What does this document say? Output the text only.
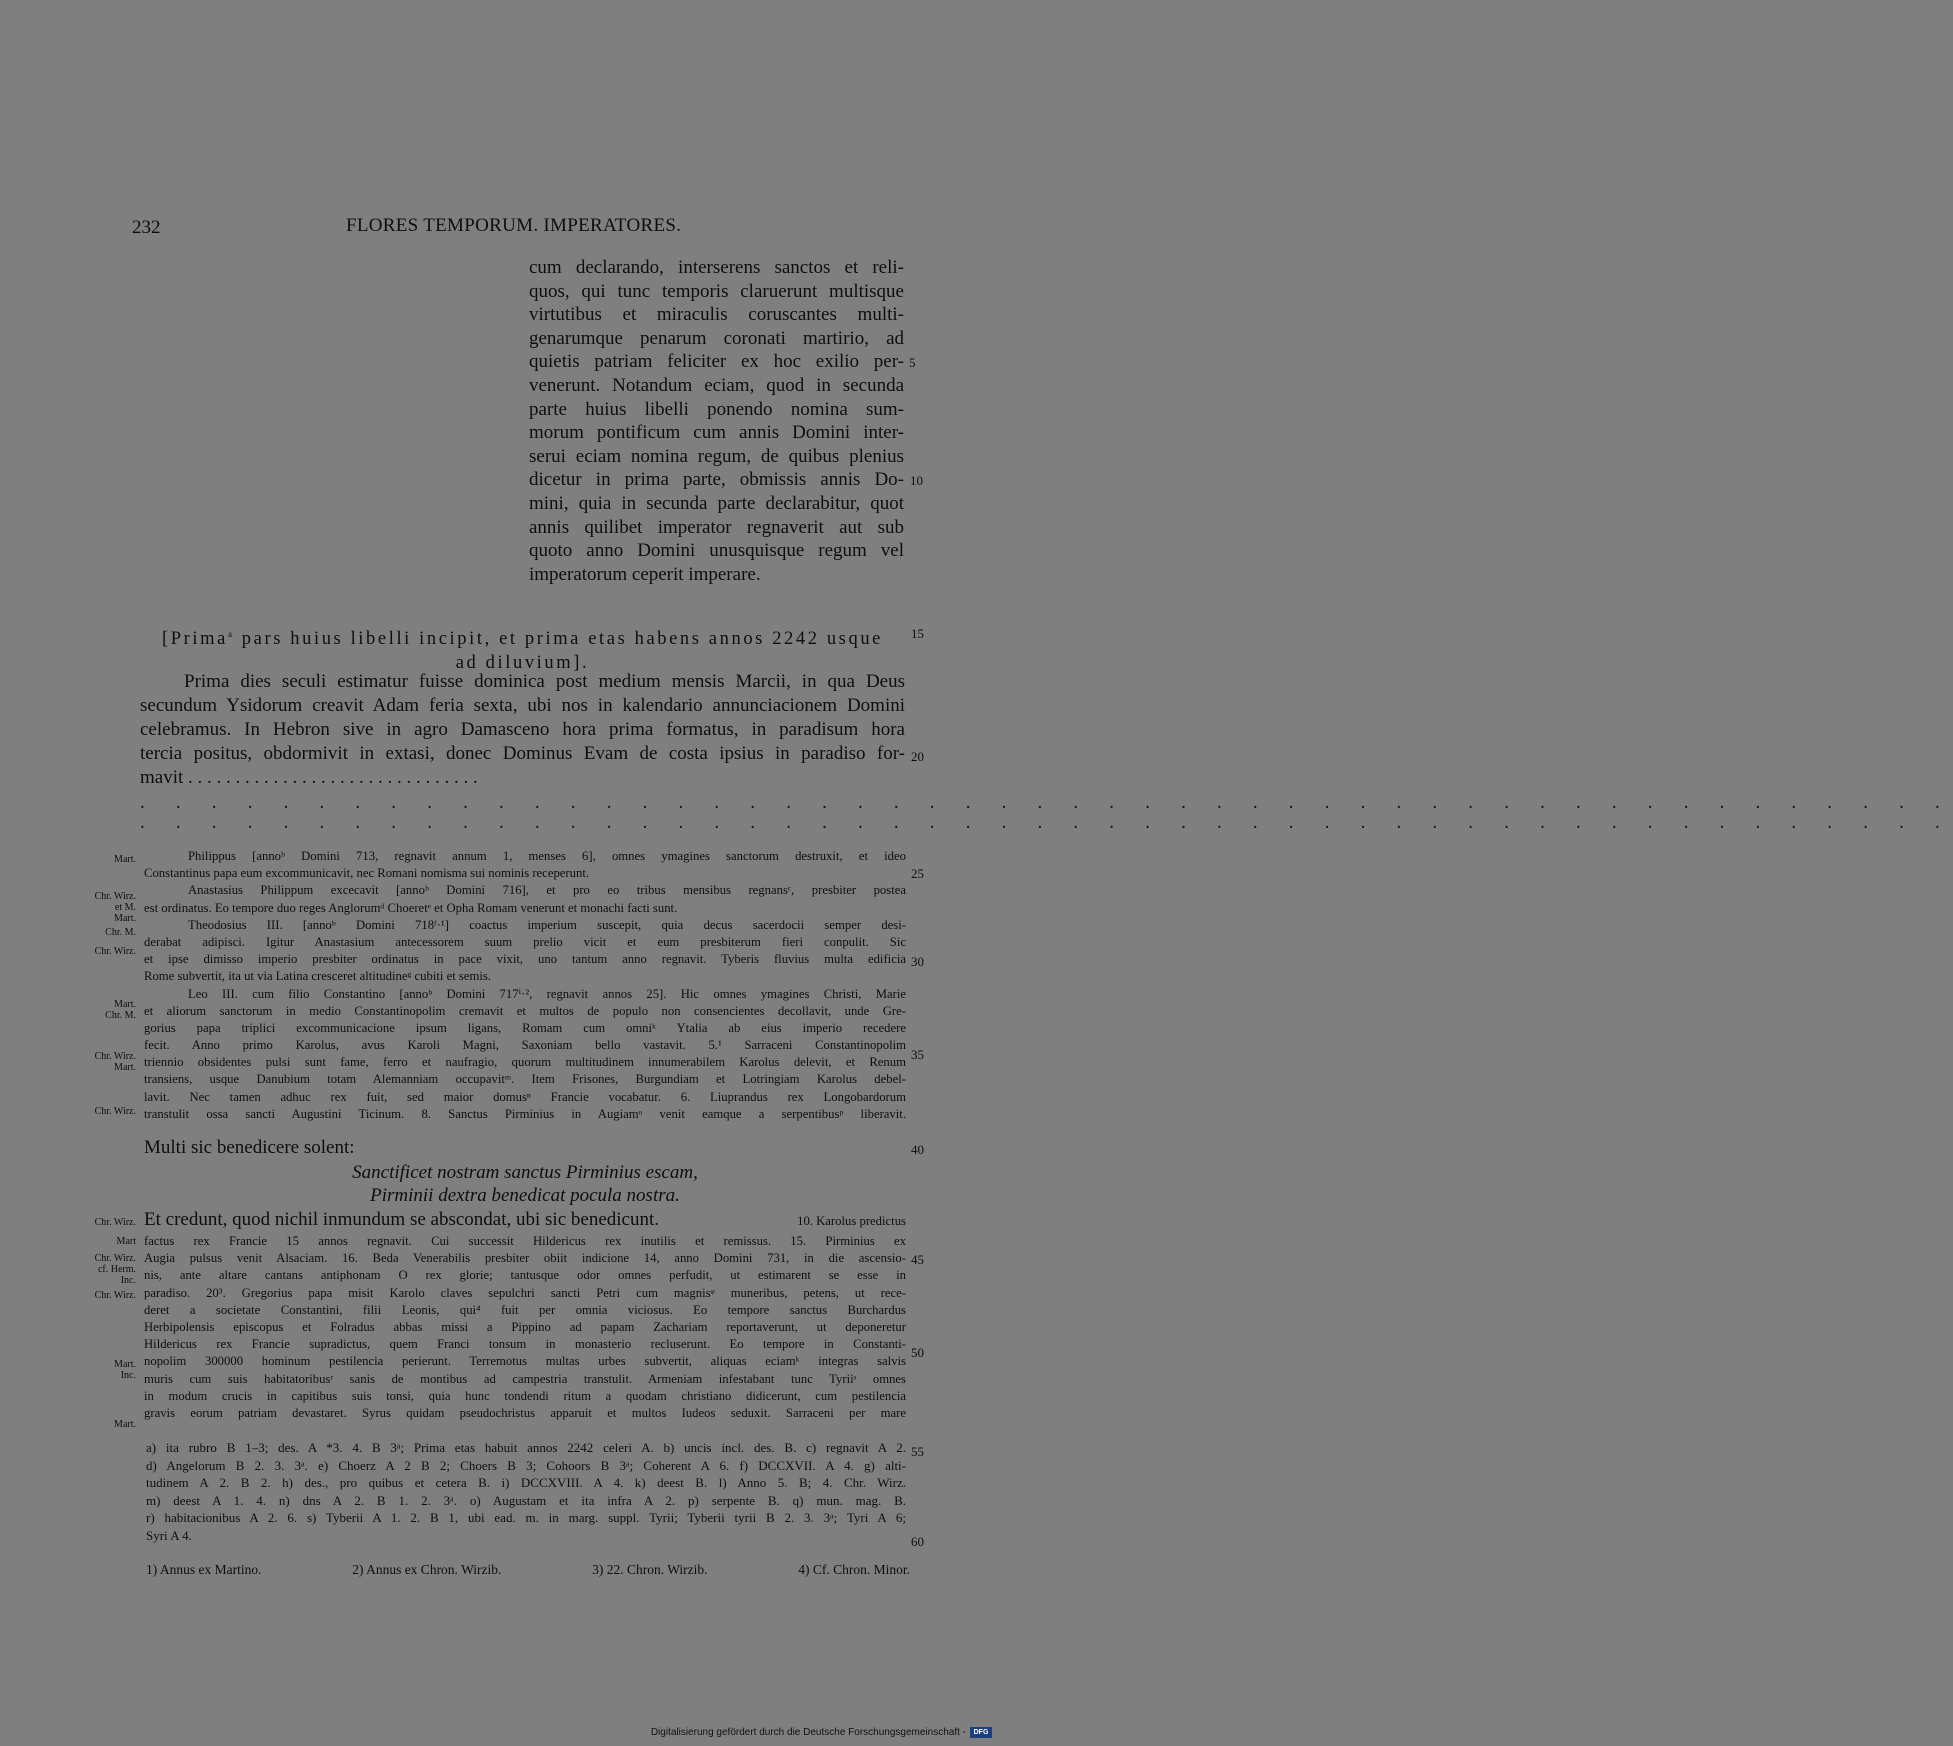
232	FLORES TEMPORUM. IMPERATORES.
cum declarando, interserens sanctos et reli-
quos, qui tunc temporis claruerunt multisque
virtutibus et miraculis coruscantes multi-
genarumque penarum coronati martirio, ad
quietis patriam feliciter ex hoc exilio per-
venerunt. Notandum eciam, quod in secunda
parte huius libelli ponendo nomina sum-
morum pontificum cum annis Domini inter-
serui eciam nomina regum, de quibus plenius
dicetur in prima parte, obmissis annis Do-
mini, quia in secunda parte declarabitur, quot
annis quilibet imperator regnaverit aut sub
quoto anno Domini unusquisque regum vel
imperatorum ceperit imperare.
5
10
15
20
25
30
35
40
45
50
55
60
[Prima$^a$ pars huius libelli incipit, et prima etas habens annos 2242 usque
ad diluvium].
Prima dies seculi estimatur fuisse dominica post medium mensis Marcii, in qua Deus
secundum Ysidorum creavit Adam feria sexta, ubi nos in kalendario annunciacionem Domini
celebramus. In Hebron sive in agro Damasceno hora prima formatus, in paradisum hora
tercia positus, obdormivit in extasi, donec Dominus Evam de costa ipsius in paradiso for-
mavit . . . . . . . . . . . . . . . . . . . . . . . . . . . . . . .
. . . . . . . . . . . . . . . . . . . . . . . . . . . . . . . . . . . . . . . . . . . . . . . . . . .
. . . . . . . . . . . . . . . . . . . . . . . . . . . . . . . . . . . . . . . . . . . . . . . . . . .
Mart.
Chr. Wirz.
et M.
Mart.
Chr. M.
Chr. Wirz.
Mart.
Chr. M.
Chr. Wirz.
Mart.
Chr. Wirz.
Chr. Wirz.
Mart
Chr. Wirz.
cf. Herm.
Inc.
Chr. Wirz.
Mart.
Inc.
Mart.
Philippus [annoᵇ Domini 713, regnavit annum 1, menses 6], omnes ymagines sanctorum destruxit, et ideo
Constantinus papa eum excommunicavit, nec Romani nomisma sui nominis receperunt.
Anastasius Philippum excecavit [annoᵇ Domini 716], et pro eo tribus mensibus regnansᶜ, presbiter postea
est ordinatus. Eo tempore duo reges Anglorumᵈ Choeretᵉ et Opha Romam venerunt et monachi facti sunt.
Theodosius III. [annoᵇ Domini 718ᶠ·¹] coactus imperium suscepit, quia decus sacerdocii semper desi-
derabat adipisci. Igitur Anastasium antecessorem suum prelio vicit et eum presbiterum fieri conpulit. Sic
et ipse dimisso imperio presbiter ordinatus in pace vixit, uno tantum anno regnavit. Tyberis fluvius multa edificia
Rome subvertit, ita ut via Latina cresceret altitudineᵍ cubiti et semis.
Leo III. cum filio Constantino [annoᵇ Domini 717ⁱ·², regnavit annos 25]. Hic omnes ymagines Christi, Marie
et aliorum sanctorum in medio Constantinopolim cremavit et multos de populo non consencientes decollavit, unde Gre-
gorius papa triplici excommunicacione ipsum ligans, Romam cum omniᵏ Ytalia ab eius imperio recedere
fecit. Anno primo Karolus, avus Karoli Magni, Saxoniam bello vastavit. 5.¹ Sarraceni Constantinopolim
triennio obsidentes pulsi sunt fame, ferro et naufragio, quorum multitudinem innumerabilem Karolus delevit, et Renum
transiens, usque Danubium totam Alemanniam occupavitᵐ. Item Frisones, Burgundiam et Lotringiam Karolus debel-
lavit. Nec tamen adhuc rex fuit, sed maior domusⁿ Francie vocabatur. 6. Liuprandus rex Longobardorum
transtulit ossa sancti Augustini Ticinum. 8. Sanctus Pirminius in Augiamᵒ venit eamque a serpentibusᵖ liberavit.
Multi sic benedicere solent:
Sanctificet nostram sanctus Pirminius escam,
Pirminii dextra benedicat pocula nostra.
Et credunt, quod nichil inmundum se abscondat, ubi sic benedicunt.	10. Karolus predictus
factus rex Francie 15 annos regnavit. Cui successit Hildericus rex inutilis et remissus. 15. Pirminius ex
Augia pulsus venit Alsaciam. 16. Beda Venerabilis presbiter obiit indicione 14, anno Domini 731, in die ascensio-
nis, ante altare cantans antiphonam O rex glorie; tantusque odor omnes perfudit, ut estimarent se esse in
paradiso. 20³. Gregorius papa misit Karolo claves sepulchri sancti Petri cum magnisᵠ muneribus, petens, ut rece-
deret a societate Constantini, filii Leonis, qui⁴ fuit per omnia viciosus. Eo tempore sanctus Burchardus
Herbipolensis episcopus et Folradus abbas missi a Pippino ad papam Zachariam reportaverunt, ut deponeretur
Hildericus rex Francie supradictus, quem Franci tonsum in monasterio recluserunt. Eo tempore in Constanti-
nopolim 300000 hominum pestilencia perierunt. Terremotus multas urbes subvertit, aliquas eciamᵏ integras salvis
muris cum suis habitatoribusʳ sanis de montibus ad campestria transtulit. Armeniam infestabant tunc Tyriiˢ omnes
in modum crucis in capitibus suis tonsi, quia hunc tondendi ritum a quodam christiano didicerunt, cum pestilencia
gravis eorum patriam devastaret. Syrus quidam pseudochristus apparuit et multos Iudeos seduxit. Sarraceni per mare
a) ita rubro B 1–3; des. A *3. 4. B 3ᵃ; Prima etas habuit annos 2242 celeri A. b) uncis incl. des. B. c) regnavit A 2.
d) Angelorum B 2. 3. 3ᵃ. e) Choerz A 2 B 2; Choers B 3; Cohoors B 3ᵃ; Coherent A 6. f) DCCXVII. A 4. g) alti-
tudinem A 2. B 2. h) des., pro quibus et cetera B. i) DCCXVIII. A 4. k) deest B. l) Anno 5. B; 4. Chr. Wirz.
m) deest A 1. 4. n) dns A 2. B 1. 2. 3ᵃ. o) Augustam et ita infra A 2. p) serpente B. q) mun. mag. B.
r) habitacionibus A 2. 6. s) Tyberii A 1. 2. B 1, ubi ead. m. in marg. suppl. Tyrii; Tyberii tyrii B 2. 3. 3ᵃ; Tyri A 6;
Syri A 4.
1) Annus ex Martino.	2) Annus ex Chron. Wirzib.	3) 22. Chron. Wirzib.	4) Cf. Chron. Minor.
Digitalisierung gefördert durch die Deutsche Forschungsgemeinschaft -	DFG
